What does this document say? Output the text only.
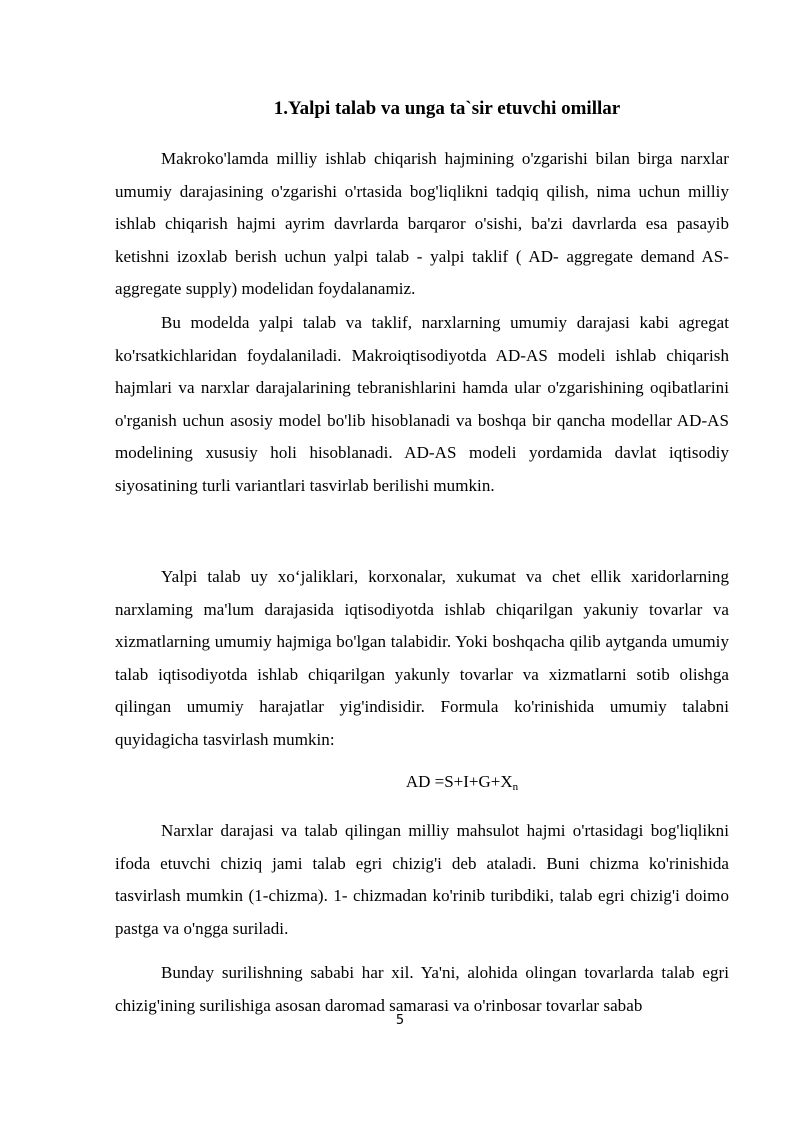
1.Yalpi talab va unga ta`sir etuvchi omillar

Makroko'lamda milliy ishlab chiqarish hajmining o'zgarishi bilan birga narxlar umumiy darajasining o'zgarishi o'rtasida bog'liqlikni tadqiq qilish, nima uchun milliy ishlab chiqarish hajmi ayrim davrlarda barqaror o'sishi, ba'zi davrlarda esa pasayib ketishni izoxlab berish uchun yalpi talab - yalpi taklif ( AD- aggregate demand AS-aggregate supply) modelidan foydalanamiz.

Bu modelda yalpi talab va taklif, narxlarning umumiy darajasi kabi agregat ko'rsatkichlaridan foydalaniladi. Makroiqtisodiyotda AD-AS modeli ishlab chiqarish hajmlari va narxlar darajalarining tebranishlarini hamda ular o'zgarishining oqibatlarini o'rganish uchun asosiy model bo'lib hisoblanadi va boshqa bir qancha modellar AD-AS modelining xususiy holi hisoblanadi. AD-AS modeli yordamida davlat iqtisodiy siyosatining turli variantlari tasvirlab berilishi mumkin.

Yalpi talab uy xo‘jaliklari, korxonalar, xukumat va chet ellik xaridorlarning narxlaming ma'lum darajasida iqtisodiyotda ishlab chiqarilgan yakuniy tovarlar va xizmatlarning umumiy hajmiga bo'lgan talabidir. Yoki boshqacha qilib aytganda umumiy talab iqtisodiyotda ishlab chiqarilgan yakunly tovarlar va xizmatlarni sotib olishga qilingan umumiy harajatlar yig'indisidir. Formula ko'rinishida umumiy talabni quyidagicha tasvirlash mumkin:

AD $=S+I+G+X_n$

Narxlar darajasi va talab qilingan milliy mahsulot hajmi o'rtasidagi bog'liqlikni ifoda etuvchi chiziq jami talab egri chizig'i deb ataladi. Buni chizma ko'rinishida tasvirlash mumkin (1-chizma). 1- chizmadan ko'rinib turibdiki, talab egri chizig'i doimo pastga va o'ngga suriladi.

Bunday surilishning sababi har xil. Ya'ni, alohida olingan tovarlarda talab egri chizig'ining surilishiga asosan daromad samarasi va o'rinbosar tovarlar sabab

5
